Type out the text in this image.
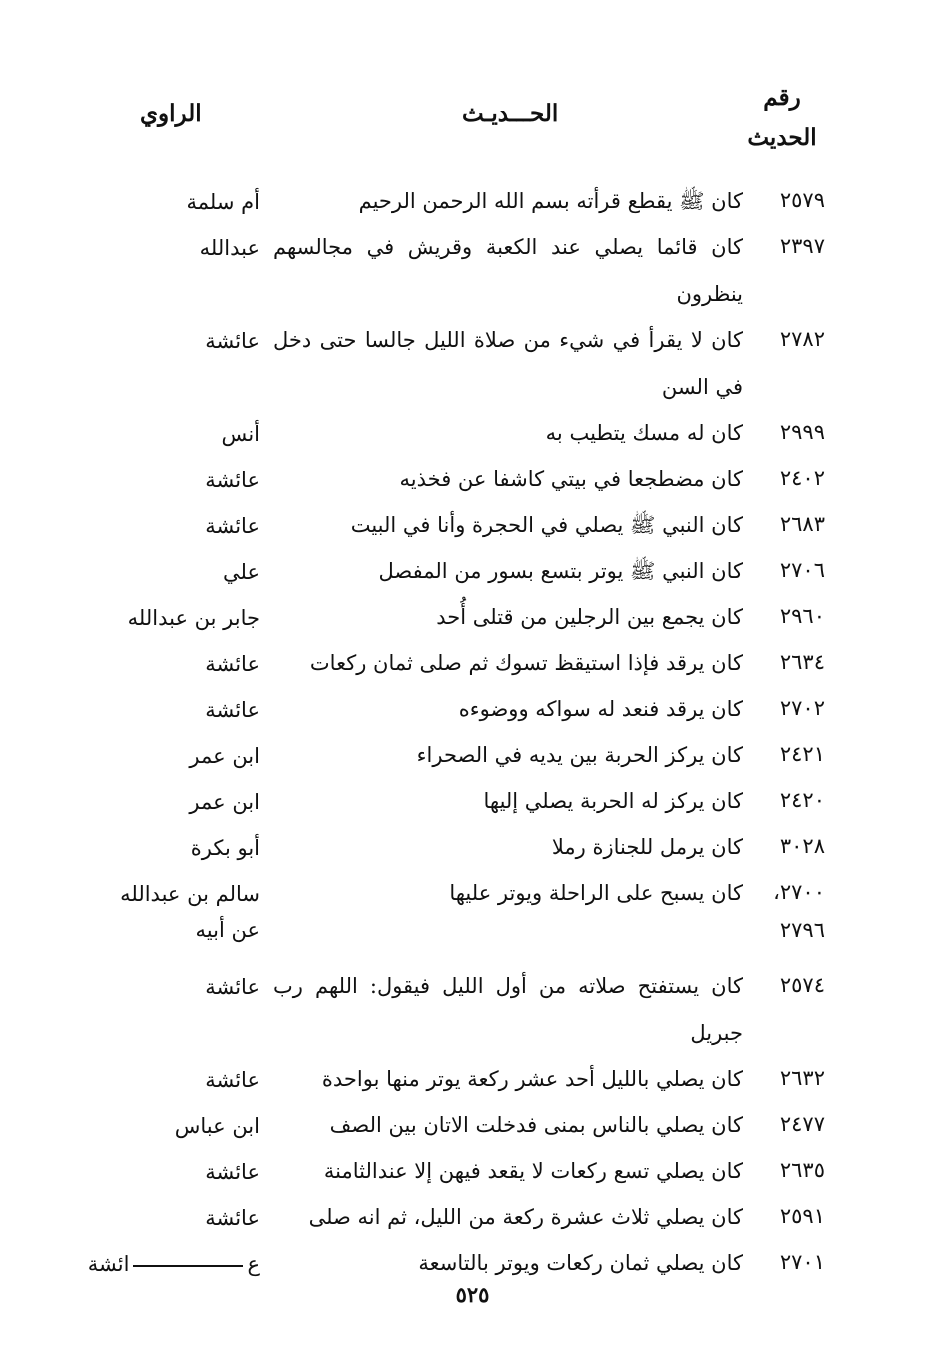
رقم
الحديث
الحـــديـث
الراوي
٢٥٧٩
كان ﷺ يقطع قرأته بسم الله الرحمن الرحيم
أم سلمة
٢٣٩٧
كان قائما يصلي عند الكعبة وقريش في مجالسهم ينظرون
عبدالله
٢٧٨٢
كان لا يقرأ في شيء من صلاة الليل جالسا حتى دخل في السن
عائشة
٢٩٩٩
كان له مسك يتطيب به
أنس
٢٤٠٢
كان مضطجعا في بيتي كاشفا عن فخذيه
عائشة
٢٦٨٣
كان النبي ﷺ يصلي في الحجرة وأنا في البيت
عائشة
٢٧٠٦
كان النبي ﷺ يوتر بتسع بسور من المفصل
علي
٢٩٦٠
كان يجمع بين الرجلين من قتلى أُحد
جابر بن عبدالله
٢٦٣٤
كان يرقد فإذا استيقظ تسوك ثم صلى ثمان ركعات
عائشة
٢٧٠٢
كان يرقد فنعد له سواكه ووضوءه
عائشة
٢٤٢١
كان يركز الحربة بين يديه في الصحراء
ابن عمر
٢٤٢٠
كان يركز له الحربة يصلي إليها
ابن عمر
٣٠٢٨
كان يرمل للجنازة رملا
أبو بكرة
٢٧٠٠،
٢٧٩٦
كان يسبح على الراحلة ويوتر عليها
سالم بن عبدالله
عن أبيه
٢٥٧٤
كان يستفتح صلاته من أول الليل فيقول: اللهم رب جبريل
عائشة
٢٦٣٢
كان يصلي بالليل أحد عشر ركعة يوتر منها بواحدة
عائشة
٢٤٧٧
كان يصلي بالناس بمنى فدخلت الاتان بين الصف
ابن عباس
٢٦٣٥
كان يصلي تسع ركعات لا يقعد فيهن إلا عندالثامنة
عائشة
٢٥٩١
كان يصلي ثلاث عشرة ركعة من الليل، ثم انه صلى
عائشة
٢٧٠١
كان يصلي ثمان ركعات ويوتر بالتاسعة
عائشة
٥٢٥
